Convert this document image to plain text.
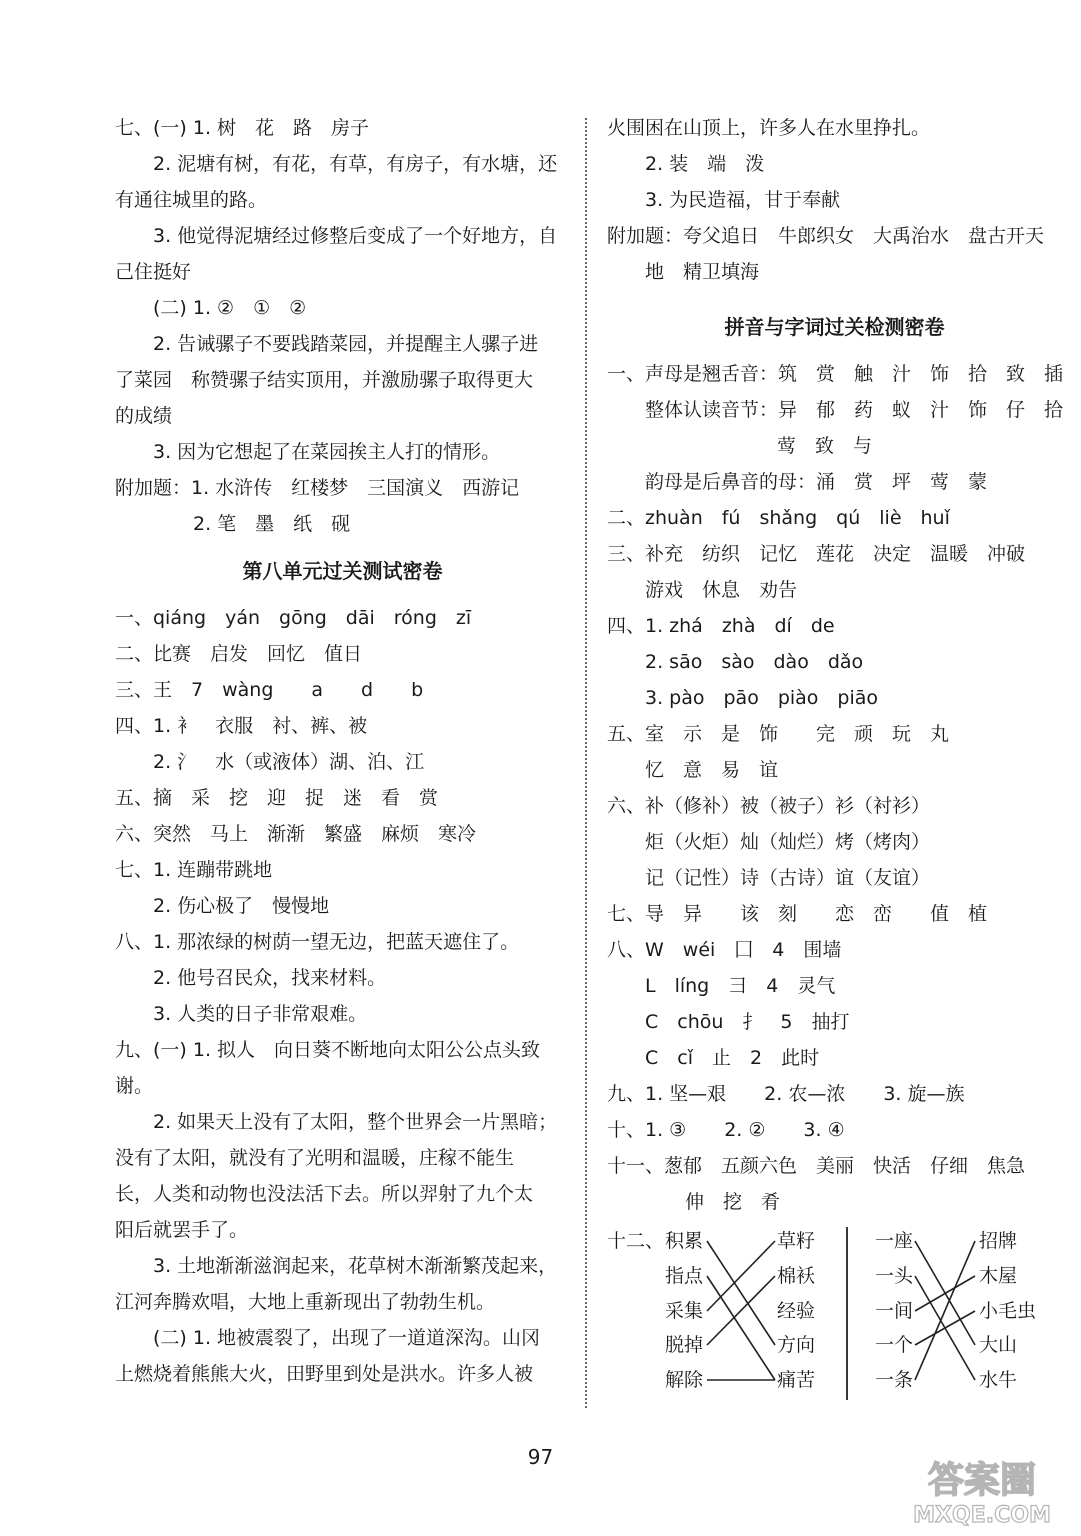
七、(一) 1. 树　花　路　房子
2. 泥塘有树，有花，有草，有房子，有水塘，还
有通往城里的路。
3. 他觉得泥塘经过修整后变成了一个好地方，自
己住挺好
(二) 1. ②　①　②
2. 告诫骡子不要践踏菜园，并提醒主人骡子进
了菜园　称赞骡子结实顶用，并激励骡子取得更大
的成绩
3. 因为它想起了在菜园挨主人打的情形。
附加题：1. 水浒传　红楼梦　三国演义　西游记
2. 笔　墨　纸　砚
第八单元过关测试密卷
一、qiáng　yán　gōng　dāi　róng　zī
二、比赛　启发　回忆　值日
三、王　7　wàng　　a　　d　　b
四、1. 衤　衣服　衬、裤、被
2. 氵　水（或液体）湖、泊、江
五、摘　采　挖　迎　捉　迷　看　赏
六、突然　马上　渐渐　繁盛　麻烦　寒冷
七、1. 连蹦带跳地
2. 伤心极了　慢慢地
八、1. 那浓绿的树荫一望无边，把蓝天遮住了。
2. 他号召民众，找来材料。
3. 人类的日子非常艰难。
九、(一) 1. 拟人　向日葵不断地向太阳公公点头致
谢。
2. 如果天上没有了太阳，整个世界会一片黑暗；
没有了太阳，就没有了光明和温暖，庄稼不能生
长，人类和动物也没法活下去。所以羿射了九个太
阳后就罢手了。
3. 土地渐渐滋润起来，花草树木渐渐繁茂起来，
江河奔腾欢唱，大地上重新现出了勃勃生机。
(二) 1. 地被震裂了，出现了一道道深沟。山冈
上燃烧着熊熊大火，田野里到处是洪水。许多人被
火围困在山顶上，许多人在水里挣扎。
2. 装　端　泼
3. 为民造福，甘于奉献
附加题：夸父追日　牛郎织女　大禹治水　盘古开天
地　精卫填海
拼音与字词过关检测密卷
一、声母是翘舌音：筑　赏　触　汁　饰　拾　致　插
整体认读音节：异　郁　药　蚁　汁　饰　仔　拾
莺　致　与
韵母是后鼻音的母：涌　赏　坪　莺　蒙
二、zhuàn　fú　shǎng　qú　liè　huǐ
三、补充　纺织　记忆　莲花　决定　温暖　冲破
游戏　休息　劝告
四、1. zhá　zhà　dí　de
2. sāo　sào　dào　dǎo
3. pào　pāo　piào　piāo
五、室　示　是　饰　　完　顽　玩　丸
忆　意　易　谊
六、补（修补）被（被子）衫（衬衫）
炬（火炬）灿（灿烂）烤（烤肉）
记（记性）诗（古诗）谊（友谊）
七、导　异　　该　刻　　恋　峦　　值　植
八、W　wéi　囗　4　围墙
L　líng　彐　4　灵气
C　chōu　扌　5　抽打
C　cǐ　止　2　此时
九、1. 坚—艰　　2. 农—浓　　3. 旋—族
十、1. ③　　2. ②　　3. ④
十一、葱郁　五颜六色　美丽　快活　仔细　焦急
伸　挖　肴
十二、 积累
指点
采集
脱掉
解除
草籽
棉袄
经验
方向
痛苦
一座
一头
一间
一个
一条
招牌
木屋
小毛虫
大山
水牛
97
答案圈
MXQE.COM
